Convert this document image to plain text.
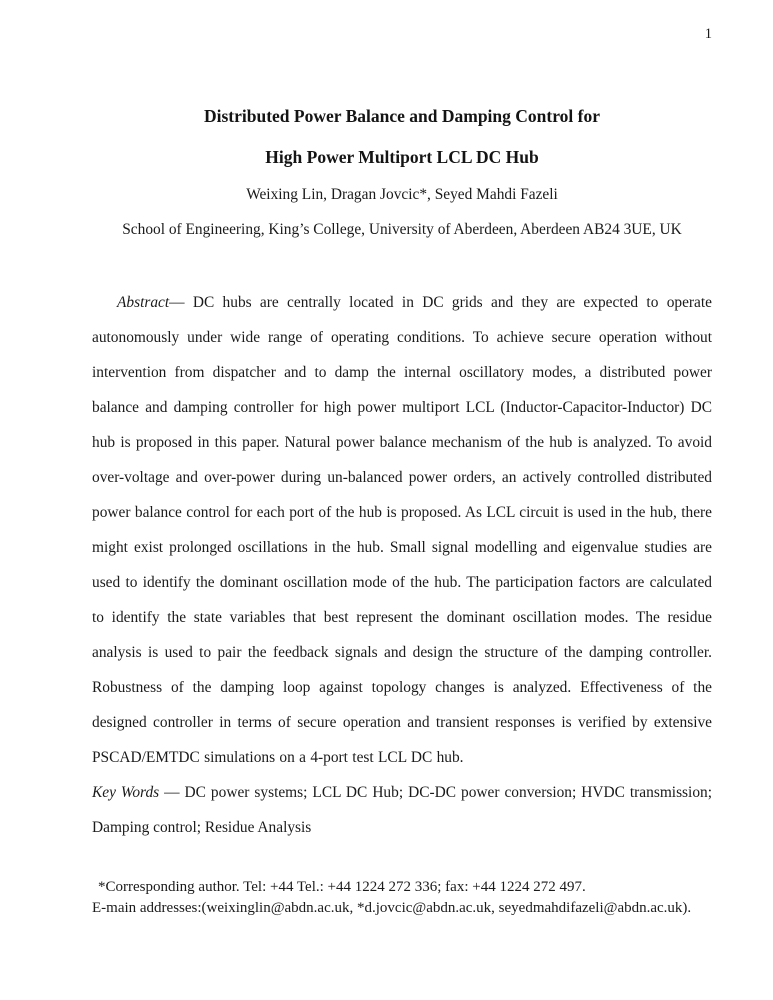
1
Distributed Power Balance and Damping Control for
High Power Multiport LCL DC Hub
Weixing Lin, Dragan Jovcic*, Seyed Mahdi Fazeli
School of Engineering, King’s College, University of Aberdeen, Aberdeen AB24 3UE, UK

Abstract— DC hubs are centrally located in DC grids and they are expected to operate autonomously under wide range of operating conditions. To achieve secure operation without intervention from dispatcher and to damp the internal oscillatory modes, a distributed power balance and damping controller for high power multiport LCL (Inductor-Capacitor-Inductor) DC hub is proposed in this paper. Natural power balance mechanism of the hub is analyzed. To avoid over-voltage and over-power during un-balanced power orders, an actively controlled distributed power balance control for each port of the hub is proposed. As LCL circuit is used in the hub, there might exist prolonged oscillations in the hub. Small signal modelling and eigenvalue studies are used to identify the dominant oscillation mode of the hub. The participation factors are calculated to identify the state variables that best represent the dominant oscillation modes. The residue analysis is used to pair the feedback signals and design the structure of the damping controller. Robustness of the damping loop against topology changes is analyzed. Effectiveness of the designed controller in terms of secure operation and transient responses is verified by extensive PSCAD/EMTDC simulations on a 4-port test LCL DC hub.

Key Words — DC power systems; LCL DC Hub; DC-DC power conversion; HVDC transmission; Damping control; Residue Analysis

*Corresponding author. Tel: +44 Tel.: +44 1224 272 336; fax: +44 1224 272 497.
E-main addresses:(weixinglin@abdn.ac.uk, *d.jovcic@abdn.ac.uk, seyedmahdifazeli@abdn.ac.uk).
